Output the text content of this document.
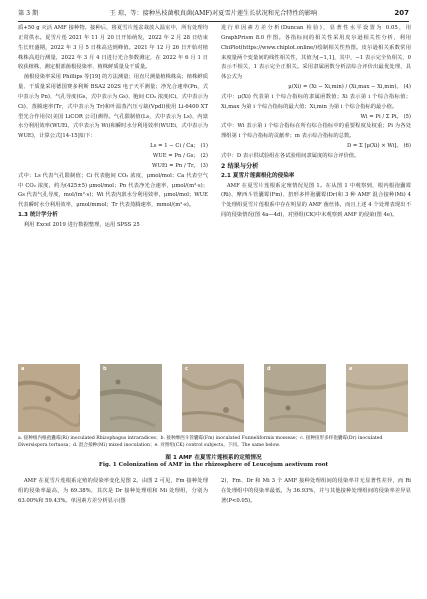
第 3 期	王 琼，等：接种丛枝菌根真菌(AMF)对夏雪片莲生长状况和光合特性的影响	207

质+50 g 灭活 AMF 接种物。接种后，将夏雪片莲盆栽放入温室中，所有处理均正常供水。夏雪片莲 2021 年 11 月 20 日开始萌发，2022 年 2 月 28 日结束生长旺盛期，2022 年 3 月 5 日株高达到峰值。2021 年 12 月 26 日开始对植株株高进行测量，2022 年 3 月 4 日进行光合参数测定，在 2022 年 6 月 1 日收获植株，测定根部菌根侵染率、植株鲜质量及干质量。

菌根侵染率采用 Phillips 等[19] 的方法测量；用直尺测量植株株高；植株鲜质量、干质量采用德国赛多利斯 BSA2 202S 电子天平测量；净光合速率(Pn，式中表示为 Pn)、气孔导度(Gs，式中表示为 Gs)、胞间 CO₂ 浓度(Ci，式中表示为 Ci)、蒸腾速率(Tr，式中表示为 Tr)和叶温蒸汽压亏缺(Vpdl)使用 Li-6400 XT 型光合作用仪(美国 LiCOR 公司)测得。气孔限制值(Ls，式中表示为 Ls)、内禀水分利用效率(WUEi，式中表示为 Wi)和瞬时水分利用效率(WUEi，式中表示为 WUE)，计算公式[14-15]如下：

Ls = 1 − Ci / Ca； (1)

WUE = Pn / Gs； (2)

WUEi = Pn / Tr。 (3)

式中：Ls 代表气孔限制值；Ci 代表胞间 CO₂ 浓度，μmol/mol；Ca 代表空气中 CO₂ 浓度，约为(425±5) μmol/mol；Pn 代表净光合速率，μmol/(m²·s)；Gs 代表气孔导度，mol/(m²·s)；Wi 代表内禀水分利用效率，μmol/mol；WUE 代表瞬时水分利用效率，μmol/mmol；Tr 代表蒸腾速率，mmol/(m²·s)。

1.3 统计学分析

利用 Excel 2019 进行数据整理，运用 SPSS 25

进行单因素方差分析(Duncan 检验)，显著性水平设置为 0.05，用 GraphPrism 8.0 作图。各指标间的相关性采用皮尔逊相关性分析，利用 ChiPlot(https://www.chiplot.online/)绘制相关性热图。皮尔逊相关系数常用来度量两个变量间的线性相关性，其值为[−1,1]，其中，−1 表示完全负相关，0 表示不相关，1 表示完全正相关。采用隶属函数分析法综合评价出最优处理，具体公式为

μ(Xi) = (Xi − Xi,min) / (Xi,max − Xi,min)。 (4)

式中：μ(Xi) 代表第 i 个综合指标的隶属函数值；Xi 表示第 i 个综合指标值；Xi,max 为第 i 个综合指标的最大值；Xi,min 为第 i 个综合指标的最小值。

Wi = Pi / Σ Pi。 (5)

式中：Wi 表示第 i 个综合指标在所有综合指标中的重要程度及权重；Pi 为各处理组第 i 个综合指标的贡献率；m 表示综合指标的总数。

D = Σ [μ(Xi) × Wi]。 (6)

式中：D 表示供试验组在各试验组间隶属度的综合评价值。

2 结果与分析

2.1 夏雪片莲菌根化的侵染率

AMF 在夏雪片莲根系定殖情况见图 1。在从图 1 中观察到，根内根孢囊霉(Ri)、摩西斗管囊霉(Fm)、扭形多样孢囊霉(Dr)和 3 种 AMF 混合接种(Mi) 4 个处理组夏雪片莲根系中存在明显的 AMF 菌丝体，而且上述 4 个处理表现出不同的侵染情况(图 4a—4d)，对照组(CK)中未观察到 AMF 的侵染(图 4e)。

a	b	c	d	e
a. 接种根内根孢囊霉(Ri) inoculated Rhizophagus intraradices；b. 接种摩西斗管囊霉(Fm) inoculated Funneliformis mosseae；c. 接种扭形多样孢囊霉(Dr) inoculated Diversispora tortuosa；d. 混合接种(Mi) mixed inoculation；e. 对照组(CK) control subjects。下同。The same below.
图 1 AMF 在夏雪片莲根系的定殖情况
Fig. 1 Colonization of AMF in the rhizosphere of Leucojum aestivum root

AMF 在夏雪片莲根系定殖的侵染率变化见图 2。由图 2 可见，Fm 接种处理组的侵染率最高，为 69.38%，其次是 Dr 接种处理组和 Mi 处理组，分别为 63.00%和 59.43%。单因素方差分析显示(图

2)，Fm、Dr 和 Mi 3 个 AMF 接种处理组间的侵染率并无显著性差异，而 Ri 在处理组中的侵染率最低，为 36.93%，并与其他接种处理组间的侵染率差异显著(P<0.05)。
